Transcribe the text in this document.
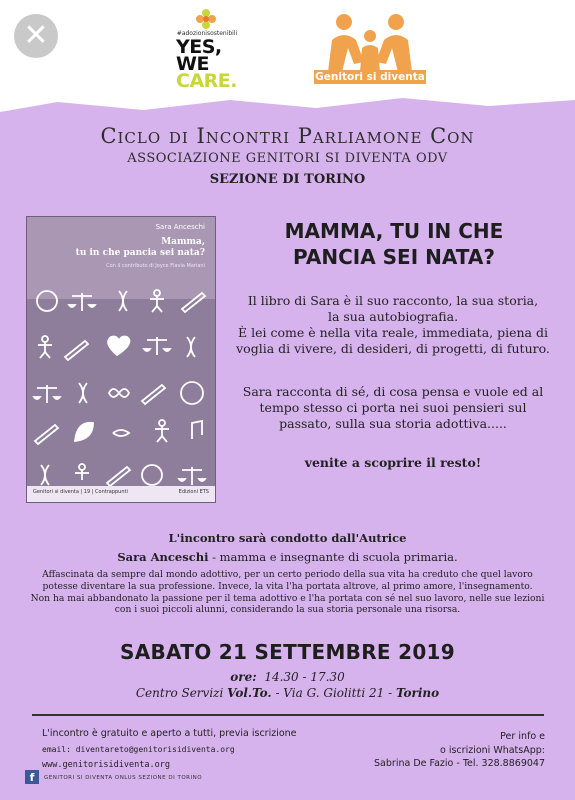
✕	#adozionisostenibili
YES,
WE
CARE.	Genitori si diventa
Ciclo di Incontri Parliamone Con
ASSOCIAZIONE GENITORI SI DIVENTA ODV
SEZIONE DI TORINO
Sara Anceschi
Mamma,
tu in che pancia sei nata?
Con il contributo di Joyce Flavia Mariani
Genitori si diventa | 19 | Contrappunti	Edizioni ETS
MAMMA, TU IN CHE
PANCIA SEI NATA?
Il libro di Sara è il suo racconto, la sua storia,
la sua autobiografia.
È lei come è nella vita reale, immediata, piena di
voglia di vivere, di desideri, di progetti, di futuro.
Sara racconta di sé, di cosa pensa e vuole ed al
tempo stesso ci porta nei suoi pensieri sul
passato, sulla sua storia adottiva.....
venite a scoprire il resto!
L'incontro sarà condotto dall'Autrice
Sara Anceschi - mamma e insegnante di scuola primaria.
Affascinata da sempre dal mondo adottivo, per un certo periodo della sua vita ha creduto che quel lavoro
potesse diventare la sua professione. Invece, la vita l'ha portata altrove, al primo amore, l'insegnamento.
Non ha mai abbandonato la passione per il tema adottivo e l'ha portata con sé nel suo lavoro, nelle sue lezioni
con i suoi piccoli alunni, considerando la sua storia personale una risorsa.
SABATO 21 SETTEMBRE 2019
ore: 14.30 - 17.30
Centro Servizi Vol.To. - Via G. Giolitti 21 - Torino
L'incontro è gratuito e aperto a tutti, previa iscrizione
email: diventareto@genitorisidiventa.org
www.genitorisidiventa.org
f	GENITORI SI DIVENTA ONLUS SEZIONE DI TORINO
Per info e
o iscrizioni WhatsApp:
Sabrina De Fazio - Tel. 328.8869047
